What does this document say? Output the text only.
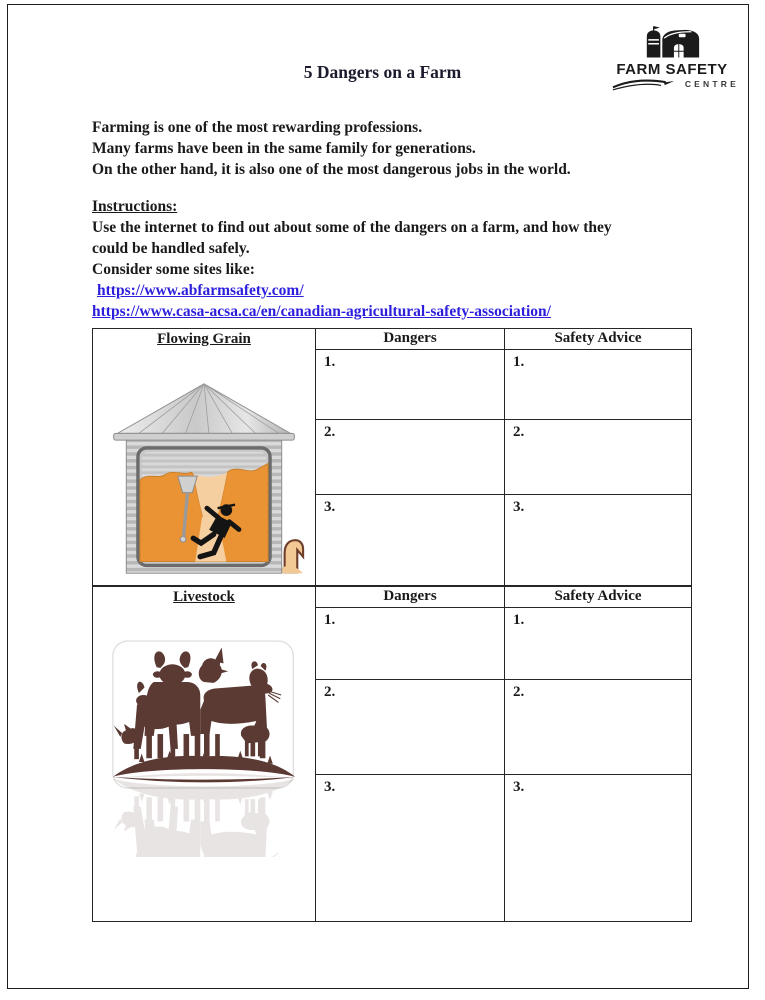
5 Dangers on a Farm	FARM SAFETY
CENTRE
Farming is one of the most rewarding professions.
Many farms have been in the same family for generations.
On the other hand, it is also one of the most dangerous jobs in the world.
Instructions:
Use the internet to find out about some of the dangers on a farm, and how they
could be handled safely.
Consider some sites like:
https://www.abfarmsafety.com/
https://www.casa-acsa.ca/en/canadian-agricultural-safety-association/
Flowing Grain	Dangers	Safety Advice
1.	1.
2.	2.
3.	3.
Livestock	Dangers	Safety Advice
1.	1.
2.	2.
3.	3.
